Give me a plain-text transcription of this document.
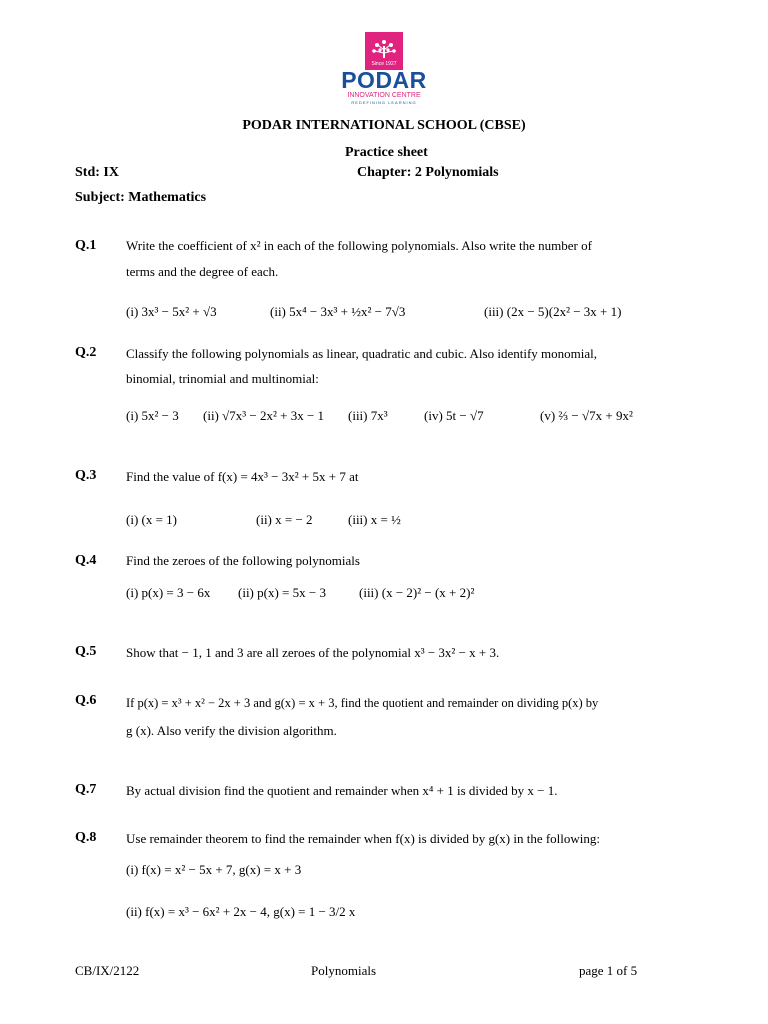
Since 1927
PODAR
INNOVATION CENTRE
REDEFINING LEARNING
PODAR INTERNATIONAL SCHOOL (CBSE)
Practice sheet
Std: IX	Chapter: 2 Polynomials
Subject: Mathematics
Q.1 Write the coefficient of x² in each of the following polynomials. Also write the number of
terms and the degree of each.
(i) 3x³ − 5x² + √3	(ii) 5x⁴ − 3x³ + ½x² − 7√3	(iii) (2x − 5)(2x² − 3x + 1)
Q.2 Classify the following polynomials as linear, quadratic and cubic. Also identify monomial,
binomial, trinomial and multinomial:
(i) 5x² − 3 (ii) √7x³ − 2x² + 3x − 1 (iii) 7x³	(iv) 5t − √7	(v) ⅔ − √7x + 9x²
Q.3 Find the value of f(x) = 4x³ − 3x² + 5x + 7 at
(i) (x = 1)	(ii) x = − 2	(iii) x = ½
Q.4 Find the zeroes of the following polynomials
(i) p(x) = 3 − 6x (ii) p(x) = 5x − 3	(iii) (x − 2)² − (x + 2)²
Q.5 Show that − 1, 1 and 3 are all zeroes of the polynomial x³ − 3x² − x + 3.
Q.6 If p(x) = x³ + x² − 2x + 3 and g(x) = x + 3, find the quotient and remainder on dividing p(x) by
g (x). Also verify the division algorithm.
Q.7 By actual division find the quotient and remainder when x⁴ + 1 is divided by x − 1.
Q.8 Use remainder theorem to find the remainder when f(x) is divided by g(x) in the following:
(i) f(x) = x² − 5x + 7, g(x) = x + 3
(ii) f(x) = x³ − 6x² + 2x − 4, g(x) = 1 − 3/2 x
CB/IX/2122	Polynomials	page 1 of 5
